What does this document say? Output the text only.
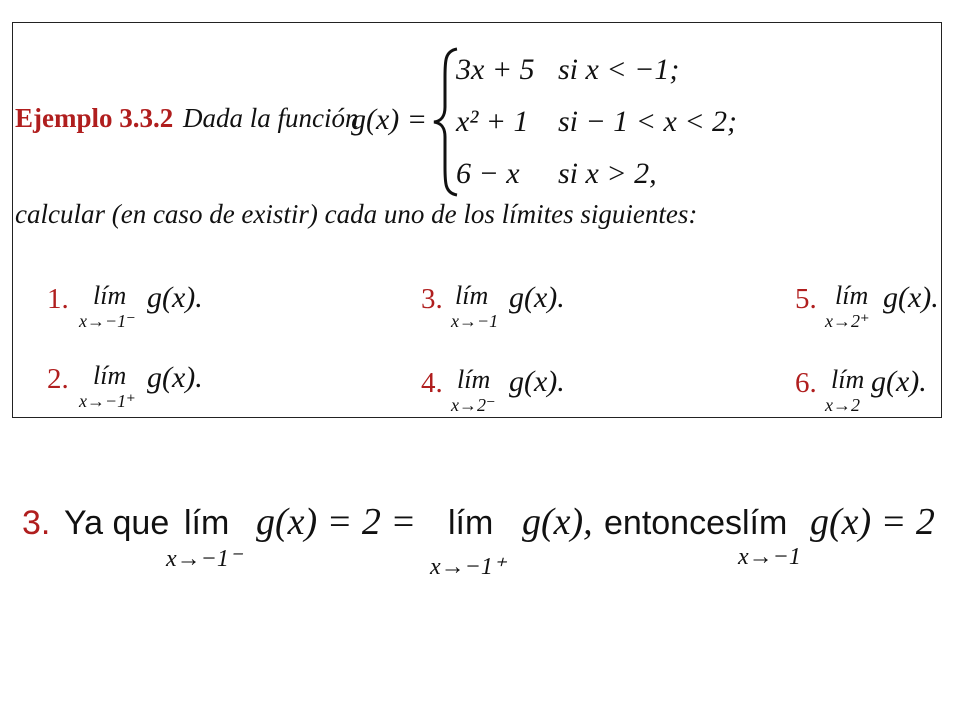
Ejemplo 3.3.2 Dada la función
g(x) =
3x + 5 si x < −1;
x² + 1 si − 1 < x < 2;
6 − x si x > 2,
calcular (en caso de existir) cada uno de los límites siguientes:
1. lím
x→−1⁻
g(x).
2. lím
x→−1⁺
g(x).
3. lím
x→−1
g(x).
4. lím
x→2⁻
g(x).
5. lím
x→2⁺
g(x).
6. lím
x→2
g(x).
3. Ya que lím
x→−1⁻
g(x) = 2 = lím
x→−1⁺
g(x), entonces lím
x→−1
g(x) = 2
